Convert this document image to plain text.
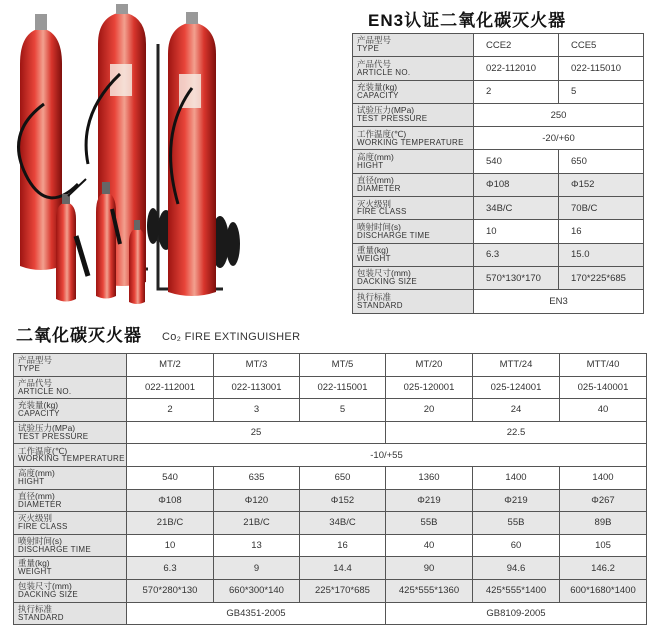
EN3认证二氧化碳灭火器
产品型号
TYPE	CCE2	CCE5

产品代号
ARTICLE NO.	022-112010	022-115010

充装量(kg)
CAPACITY	2	5

试验压力(MPa)
TEST PRESSURE	250	

工作温度(℃)
WORKING TEMPERATURE	-20/+60	

高度(mm)
HIGHT	540	650

直径(mm)
DIAMETER	Φ108	Φ152

灭火级别
FIRE CLASS	34B/C	70B/C

喷射时间(s)
DISCHARGE TIME	10	16

重量(kg)
WEIGHT	6.3	15.0

包装尺寸(mm)
DACKING SIZE	570*130*170	170*225*685

执行标准
STANDARD	EN3	
二氧化碳灭火器 Co₂ FIRE EXTINGUISHER
产品型号
TYPE	MT/2	MT/3	MT/5	MT/20	MTT/24	MTT/40

产品代号
ARTICLE NO.	022-112001	022-113001	022-115001	025-120001	025-124001	025-140001

充装量(kg)
CAPACITY	2	3	5	20	24	40

试验压力(MPa)
TEST PRESSURE	25			22.5		

工作温度(℃)
WORKING TEMPERATURE	-10/+55					

高度(mm)
HIGHT	540	635	650	1360	1400	1400

直径(mm)
DIAMETER	Φ108	Φ120	Φ152	Φ219	Φ219	Φ267

灭火级别
FIRE CLASS	21B/C	21B/C	34B/C	55B	55B	89B

喷射时间(s)
DISCHARGE TIME	10	13	16	40	60	105

重量(kg)
WEIGHT	6.3	9	14.4	90	94.6	146.2

包装尺寸(mm)
DACKING SIZE	570*280*130	660*300*140	225*170*685	425*555*1360	425*555*1400	600*1680*1400

执行标准
STANDARD	GB4351-2005			GB8109-2005		
